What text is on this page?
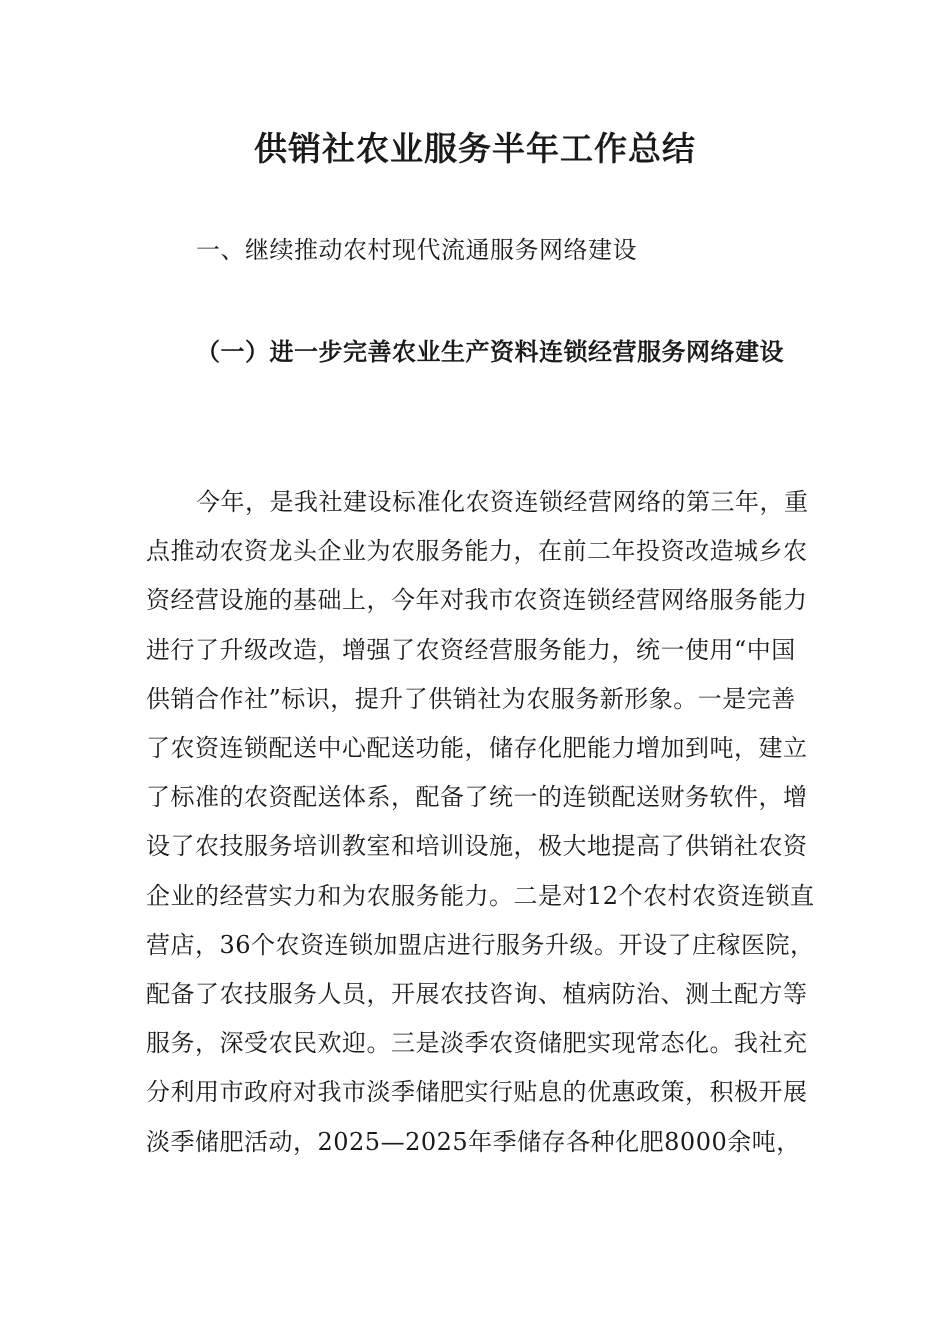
供销社农业服务半年工作总结
一、继续推动农村现代流通服务网络建设
（一）进一步完善农业生产资料连锁经营服务网络建设

今年，是我社建设标准化农资连锁经营网络的第三年，重点推动农资龙头企业为农服务能力，在前二年投资改造城乡农资经营设施的基础上，今年对我市农资连锁经营网络服务能力进行了升级改造，增强了农资经营服务能力，统一使用“中国供销合作社”标识，提升了供销社为农服务新形象。一是完善了农资连锁配送中心配送功能，储存化肥能力增加到吨，建立了标准的农资配送体系，配备了统一的连锁配送财务软件，增设了农技服务培训教室和培训设施，极大地提高了供销社农资企业的经营实力和为农服务能力。二是对12个农村农资连锁直营店，36个农资连锁加盟店进行服务升级。开设了庄稼医院，配备了农技服务人员，开展农技咨询、植病防治、测土配方等服务，深受农民欢迎。三是淡季农资储肥实现常态化。我社充分利用市政府对我市淡季储肥实行贴息的优惠政策，积极开展淡季储肥活动，2025—2025年季储存各种化肥8000余吨，
